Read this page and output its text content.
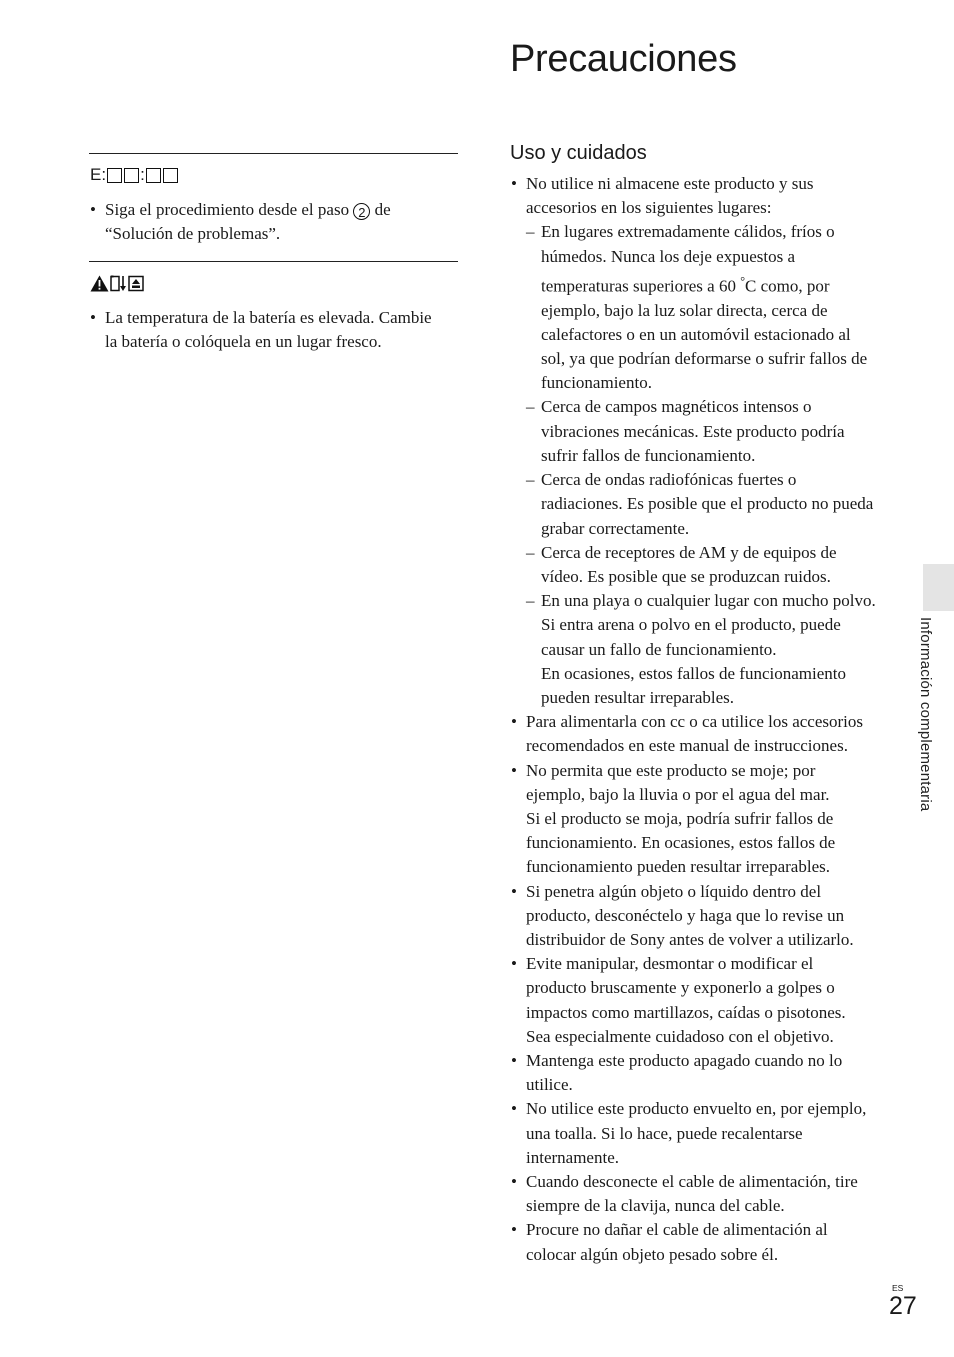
Precauciones
E: :
• Siga el procedimiento desde el paso 2 de “Solución de problemas”.
• La temperatura de la batería es elevada. Cambie la batería o colóquela en un lugar fresco.
Uso y cuidados
• No utilice ni almacene este producto y sus accesorios en los siguientes lugares:
– En lugares extremadamente cálidos, fríos o húmedos. Nunca los deje expuestos a temperaturas superiores a 60 °C como, por ejemplo, bajo la luz solar directa, cerca de calefactores o en un automóvil estacionado al sol, ya que podrían deformarse o sufrir fallos de funcionamiento.
– Cerca de campos magnéticos intensos o vibraciones mecánicas. Este producto podría sufrir fallos de funcionamiento.
– Cerca de ondas radiofónicas fuertes o radiaciones. Es posible que el producto no pueda grabar correctamente.
– Cerca de receptores de AM y de equipos de vídeo. Es posible que se produzcan ruidos.
– En una playa o cualquier lugar con mucho polvo. Si entra arena o polvo en el producto, puede causar un fallo de funcionamiento.
En ocasiones, estos fallos de funcionamiento pueden resultar irreparables.
• Para alimentarla con cc o ca utilice los accesorios recomendados en este manual de instrucciones.
• No permita que este producto se moje; por ejemplo, bajo la lluvia o por el agua del mar.
Si el producto se moja, podría sufrir fallos de funcionamiento. En ocasiones, estos fallos de funcionamiento pueden resultar irreparables.
• Si penetra algún objeto o líquido dentro del producto, desconéctelo y haga que lo revise un distribuidor de Sony antes de volver a utilizarlo.
• Evite manipular, desmontar o modificar el producto bruscamente y exponerlo a golpes o impactos como martillazos, caídas o pisotones.
Sea especialmente cuidadoso con el objetivo.
• Mantenga este producto apagado cuando no lo utilice.
• No utilice este producto envuelto en, por ejemplo, una toalla. Si lo hace, puede recalentarse internamente.
• Cuando desconecte el cable de alimentación, tire siempre de la clavija, nunca del cable.
• Procure no dañar el cable de alimentación al colocar algún objeto pesado sobre él.
Información complementaria
ES
27
